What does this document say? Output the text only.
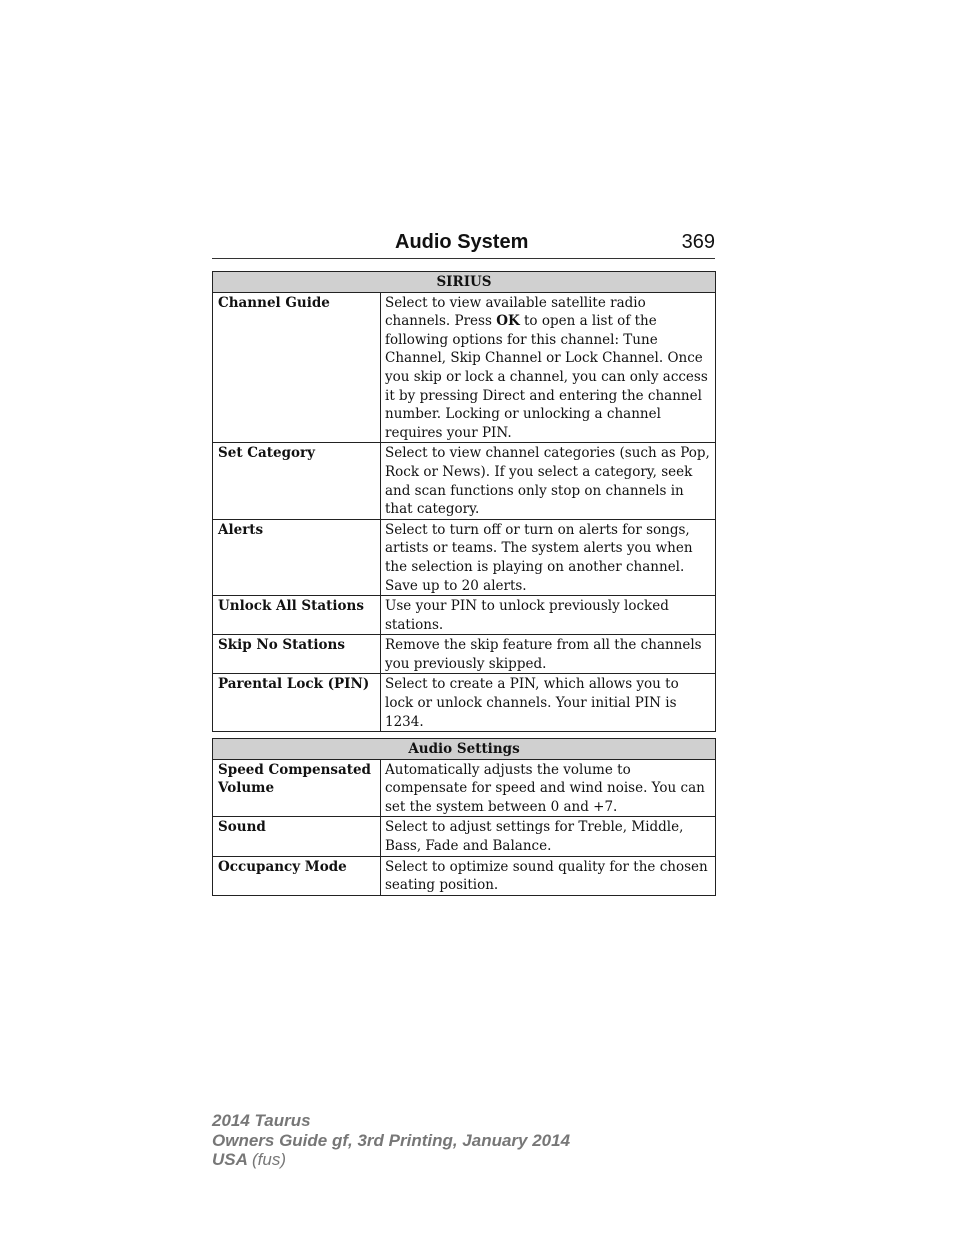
Audio System	369
SIRIUS	
Channel Guide	Select to view available satellite radio channels. Press OK to open a list of the following options for this channel: Tune Channel, Skip Channel or Lock Channel. Once you skip or lock a channel, you can only access it by pressing Direct and entering the channel number. Locking or unlocking a channel requires your PIN.
Set Category	Select to view channel categories (such as Pop, Rock or News). If you select a category, seek and scan functions only stop on channels in that category.
Alerts	Select to turn off or turn on alerts for songs, artists or teams. The system alerts you when the selection is playing on another channel. Save up to 20 alerts.
Unlock All Stations	Use your PIN to unlock previously locked stations.
Skip No Stations	Remove the skip feature from all the channels you previously skipped.
Parental Lock (PIN)	Select to create a PIN, which allows you to lock or unlock channels. Your initial PIN is 1234.
Audio Settings	
Speed Compensated Volume	Automatically adjusts the volume to compensate for speed and wind noise. You can set the system between 0 and +7.
Sound	Select to adjust settings for Treble, Middle, Bass, Fade and Balance.
Occupancy Mode	Select to optimize sound quality for the chosen seating position.
2014 Taurus
Owners Guide gf, 3rd Printing, January 2014
USA (fus)
